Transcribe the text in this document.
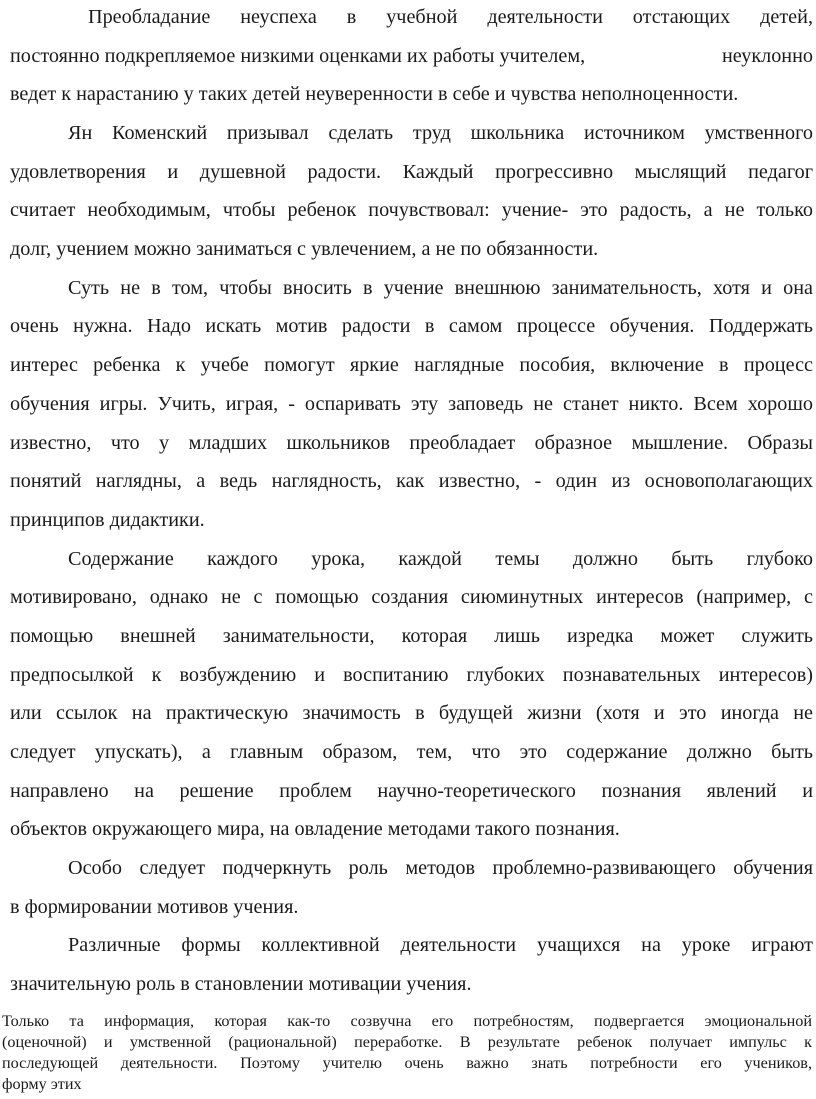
Преобладание неуспеха в учебной деятельности отстающих детей,
постоянно подкрепляемое низкими оценками их работы учителем,	неуклонно
ведет к нарастанию у таких детей неуверенности в себе и чувства неполноценности.
Ян Коменский призывал сделать труд школьника источником умственного
удовлетворения и душевной радости. Каждый прогрессивно мыслящий педагог
считает необходимым, чтобы ребенок почувствовал: учение- это радость, а не только
долг, учением можно заниматься с увлечением, а не по обязанности.
Суть не в том, чтобы вносить в учение внешнюю занимательность, хотя и она
очень нужна. Надо искать мотив радости в самом процессе обучения. Поддержать
интерес ребенка к учебе помогут яркие наглядные пособия, включение в процесс
обучения игры. Учить, играя, - оспаривать эту заповедь не станет никто. Всем хорошо
известно, что у младших школьников преобладает образное мышление. Образы
понятий наглядны, а ведь наглядность, как известно, - один из основополагающих
принципов дидактики.
Содержание каждого урока, каждой темы должно быть глубоко
мотивировано, однако не с помощью создания сиюминутных интересов (например, с
помощью внешней занимательности, которая лишь изредка может служить
предпосылкой к возбуждению и воспитанию глубоких познавательных интересов)
или ссылок на практическую значимость в будущей жизни (хотя и это иногда не
следует упускать), а главным образом, тем, что это содержание должно быть
направлено на решение проблем научно-теоретического познания явлений и
объектов окружающего мира, на овладение методами такого познания.
Особо следует подчеркнуть роль методов проблемно-развивающего обучения
в формировании мотивов учения.
Различные формы коллективной деятельности учащихся на уроке играют
значительную роль в становлении мотивации учения.
Только та информация, которая как-то созвучна его потребностям, подвергается эмоциональной
(оценочной) и умственной (рациональной) переработке. В результате ребенок получает импульс к
последующей деятельности. Поэтому учителю очень важно знать потребности его учеников,
форму этих
